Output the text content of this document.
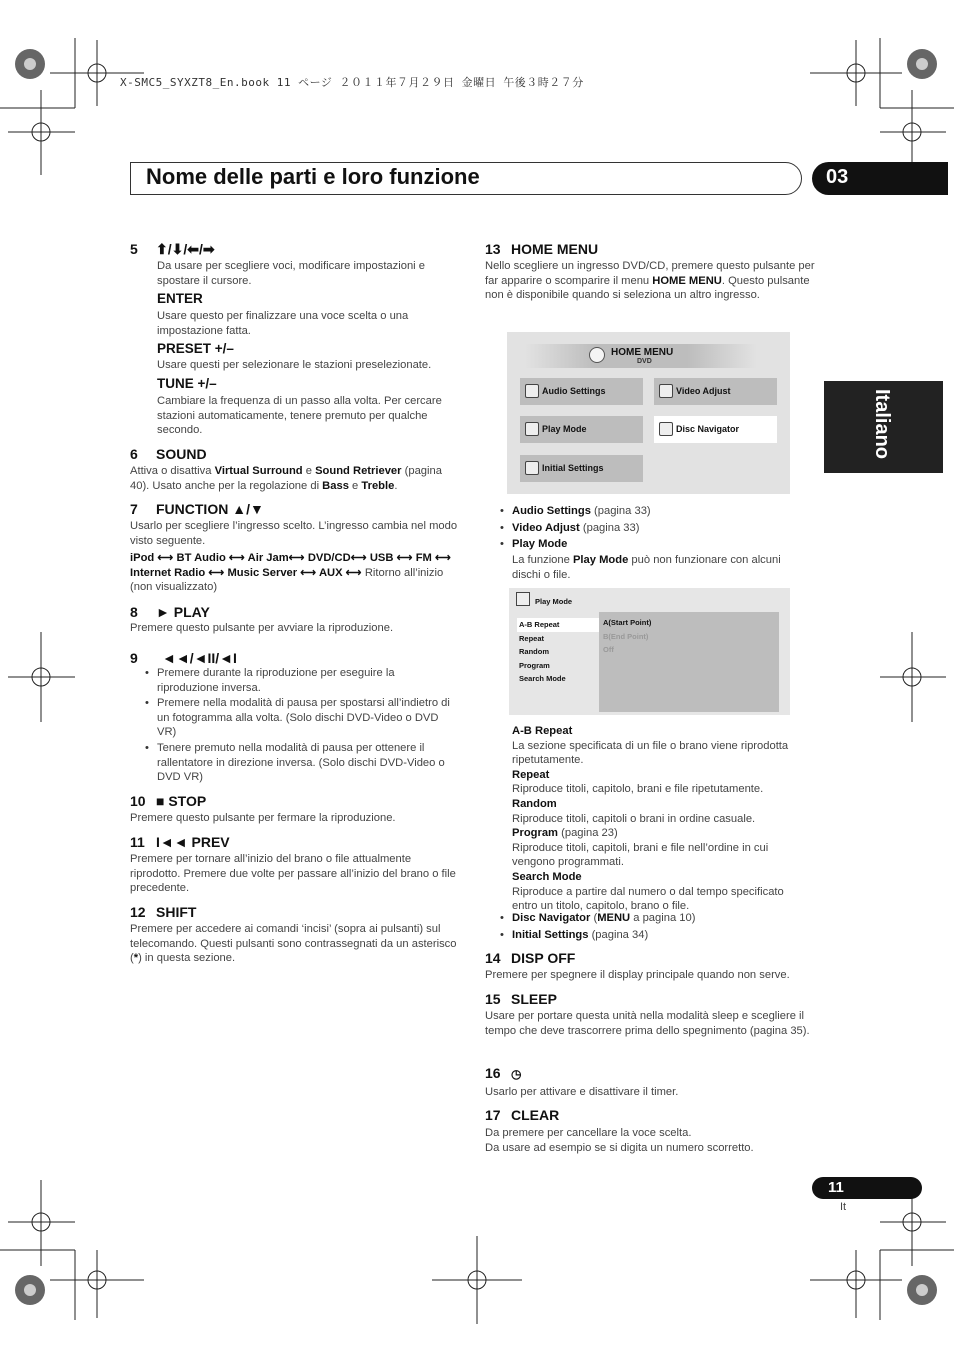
X-SMC5_SYXZT8_En.book 11 ページ ２０１１年７月２９日 金曜日 午後３時２７分
Nome delle parti e loro funzione	03
Italiano
5 ⬆/⬇/⬅/➡
Da usare per scegliere voci, modificare impostazioni e spostare il cursore.
ENTER
Usare questo per finalizzare una voce scelta o una impostazione fatta.
PRESET +/–
Usare questi per selezionare le stazioni preselezionate.
TUNE +/–
Cambiare la frequenza di un passo alla volta. Per cercare stazioni automaticamente, tenere premuto per qualche secondo.
6 SOUND
Attiva o disattiva Virtual Surround e Sound Retriever (pagina 40). Usato anche per la regolazione di Bass e Treble.
7 FUNCTION ▲/▼
Usarlo per scegliere l’ingresso scelto. L’ingresso cambia nel modo visto seguente.
iPod ⟷ BT Audio ⟷ Air Jam⟷ DVD/CD⟷ USB ⟷ FM ⟷ Internet Radio ⟷ Music Server ⟷ AUX ⟷ Ritorno all’inizio (non visualizzato)
8 ► PLAY
Premere questo pulsante per avviare la riproduzione.
9 ◄◄/◄II/◄I
• Premere durante la riproduzione per eseguire la riproduzione inversa.
• Premere nella modalità di pausa per spostarsi all’indietro di un fotogramma alla volta. (Solo dischi DVD-Video o DVD VR)
• Tenere premuto nella modalità di pausa per ottenere il rallentatore in direzione inversa. (Solo dischi DVD-Video o DVD VR)
10 ■ STOP
Premere questo pulsante per fermare la riproduzione.
11 I◄◄ PREV
Premere per tornare all’inizio del brano o file attualmente riprodotto. Premere due volte per passare all’inizio del brano o file precedente.
12 SHIFT
Premere per accedere ai comandi ‘incisi’ (sopra ai pulsanti) sul telecomando. Questi pulsanti sono contrassegnati da un asterisco (*) in questa sezione.
13 HOME MENU
Nello scegliere un ingresso DVD/CD, premere questo pulsante per far apparire o scomparire il menu HOME MENU. Questo pulsante non è disponibile quando si seleziona un altro ingresso.
HOME MENU
DVD
Audio Settings	Video Adjust
Play Mode	Disc Navigator
Initial Settings
• Audio Settings (pagina 33)
• Video Adjust (pagina 33)
• Play Mode
La funzione Play Mode può non funzionare con alcuni dischi o file.
Play Mode
A-B Repeat
Repeat
Random
Program
Search Mode
A(Start Point)
B(End Point)
Off
A-B Repeat
La sezione specificata di un file o brano viene riprodotta ripetutamente.
Repeat
Riproduce titoli, capitolo, brani e file ripetutamente.
Random
Riproduce titoli, capitoli o brani in ordine casuale.
Program (pagina 23)
Riproduce titoli, capitoli, brani e file nell’ordine in cui vengono programmati.
Search Mode
Riproduce a partire dal numero o dal tempo specificato entro un titolo, capitolo, brano o file.
• Disc Navigator (MENU a pagina 10)
• Initial Settings (pagina 34)
14 DISP OFF
Premere per spegnere il display principale quando non serve.
15 SLEEP
Usare per portare questa unità nella modalità sleep e scegliere il tempo che deve trascorrere prima dello spegnimento (pagina 35).
16 ◷
Usarlo per attivare e disattivare il timer.
17 CLEAR
Da premere per cancellare la voce scelta.
Da usare ad esempio se si digita un numero scorretto.
11
It
